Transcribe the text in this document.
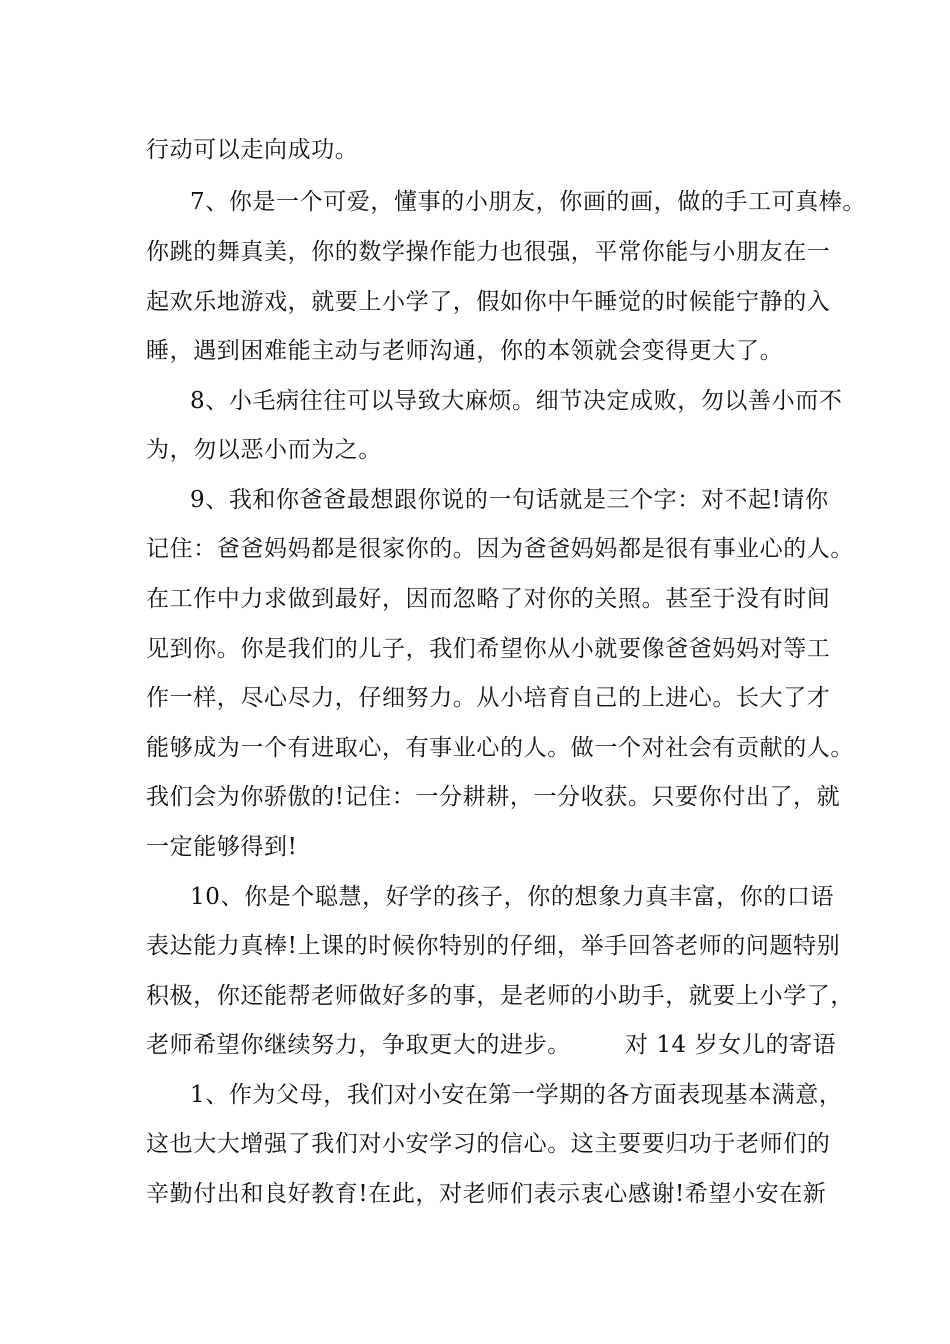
行动可以走向成功。
7、你是一个可爱，懂事的小朋友，你画的画，做的手工可真棒。
你跳的舞真美，你的数学操作能力也很强，平常你能与小朋友在一
起欢乐地游戏，就要上小学了，假如你中午睡觉的时候能宁静的入
睡，遇到困难能主动与老师沟通，你的本领就会变得更大了。
8、小毛病往往可以导致大麻烦。细节决定成败，勿以善小而不
为，勿以恶小而为之。
9、我和你爸爸最想跟你说的一句话就是三个字：对不起!请你
记住：爸爸妈妈都是很家你的。因为爸爸妈妈都是很有事业心的人。
在工作中力求做到最好，因而忽略了对你的关照。甚至于没有时间
见到你。你是我们的儿子，我们希望你从小就要像爸爸妈妈对等工
作一样，尽心尽力，仔细努力。从小培育自己的上进心。长大了才
能够成为一个有进取心，有事业心的人。做一个对社会有贡献的人。
我们会为你骄傲的!记住：一分耕耕，一分收获。只要你付出了，就
一定能够得到!
10、你是个聪慧，好学的孩子，你的想象力真丰富，你的口语
表达能力真棒!上课的时候你特别的仔细，举手回答老师的问题特别
积极，你还能帮老师做好多的事，是老师的小助手，就要上小学了，
老师希望你继续努力，争取更大的进步。 对 14 岁女儿的寄语
1、作为父母，我们对小安在第一学期的各方面表现基本满意，
这也大大增强了我们对小安学习的信心。这主要要归功于老师们的
辛勤付出和良好教育!在此，对老师们表示衷心感谢!希望小安在新
